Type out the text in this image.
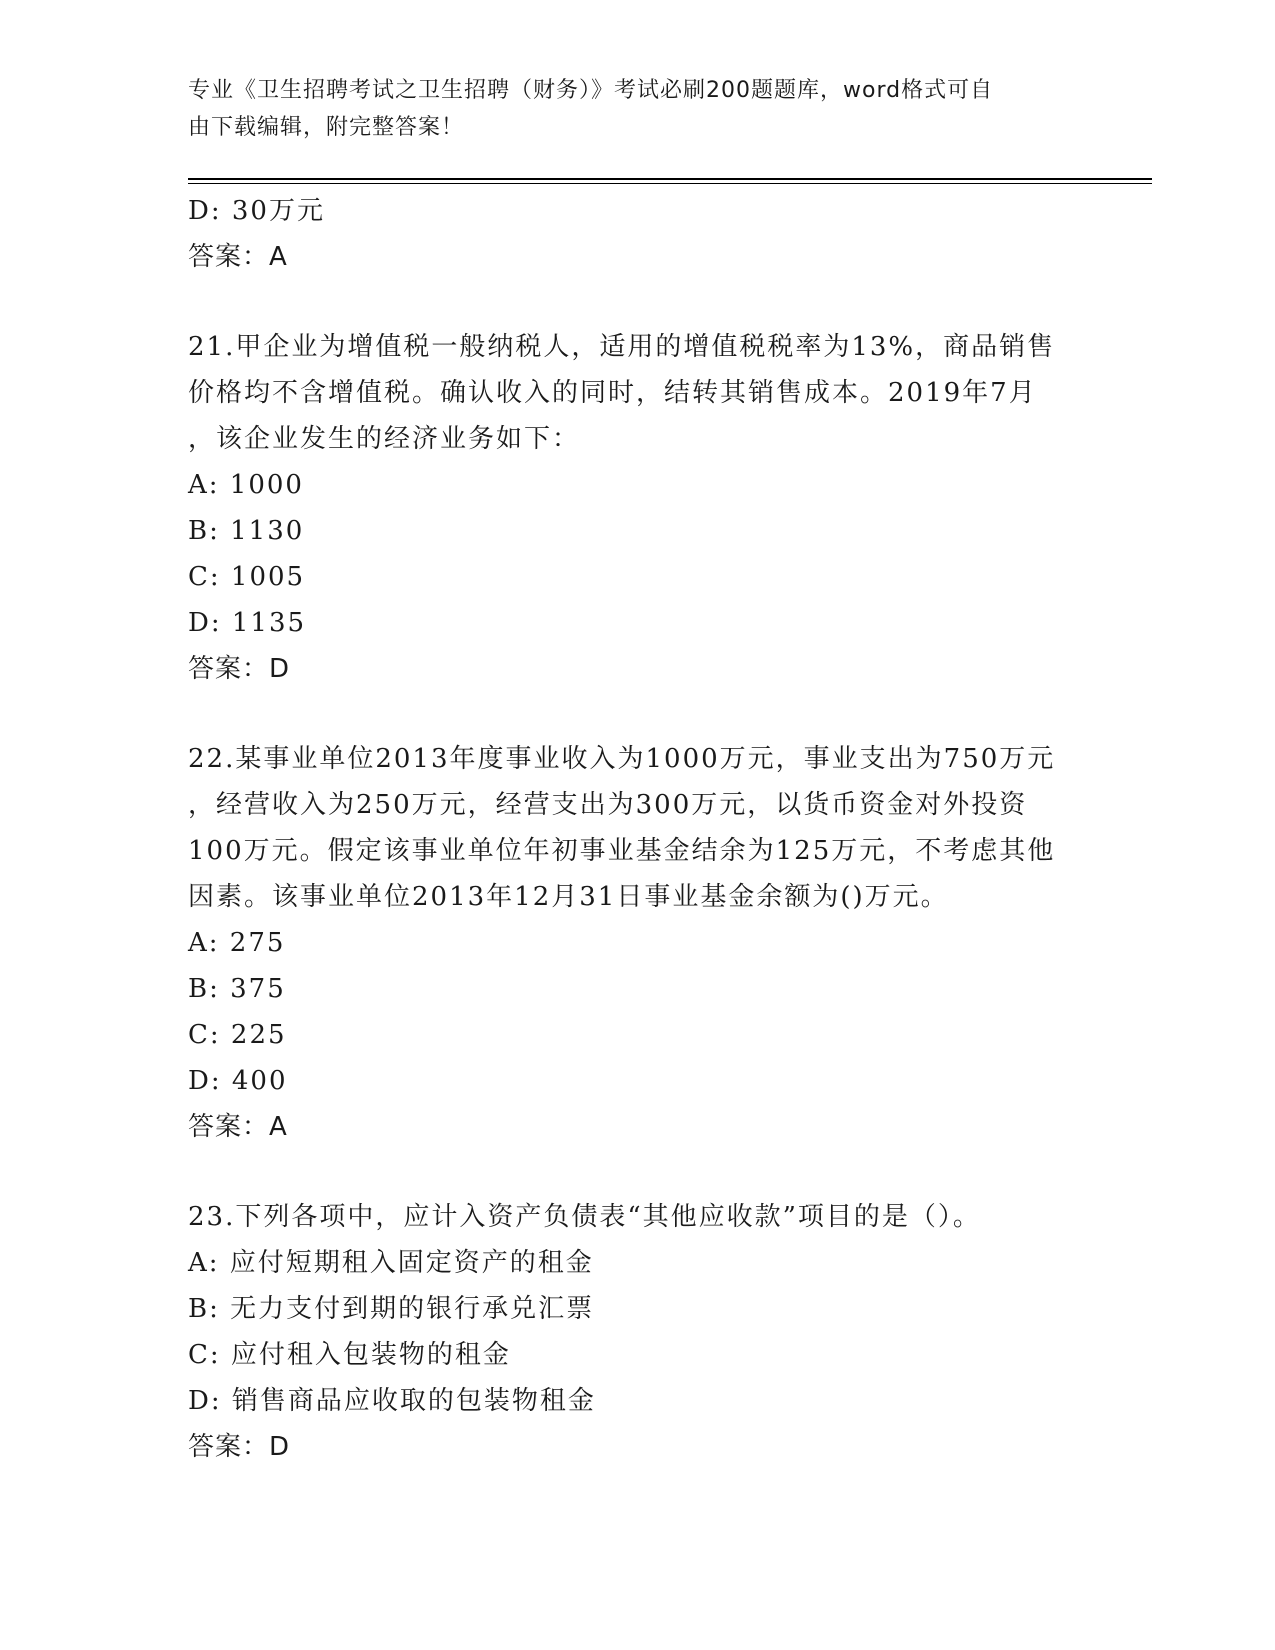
专业《卫生招聘考试之卫生招聘（财务）》考试必刷200题题库，word格式可自
由下载编辑，附完整答案！
D: 30万元
答案：A
21.甲企业为增值税一般纳税人，适用的增值税税率为13%，商品销售
价格均不含增值税。确认收入的同时，结转其销售成本。2019年7月
，该企业发生的经济业务如下：
A: 1000
B: 1130
C: 1005
D: 1135
答案：D
22.某事业单位2013年度事业收入为1000万元，事业支出为750万元
，经营收入为250万元，经营支出为300万元，以货币资金对外投资
100万元。假定该事业单位年初事业基金结余为125万元，不考虑其他
因素。该事业单位2013年12月31日事业基金余额为()万元。
A: 275
B: 375
C: 225
D: 400
答案：A
23.下列各项中，应计入资产负债表“其他应收款”项目的是（）。
A: 应付短期租入固定资产的租金
B: 无力支付到期的银行承兑汇票
C: 应付租入包装物的租金
D: 销售商品应收取的包装物租金
答案：D
